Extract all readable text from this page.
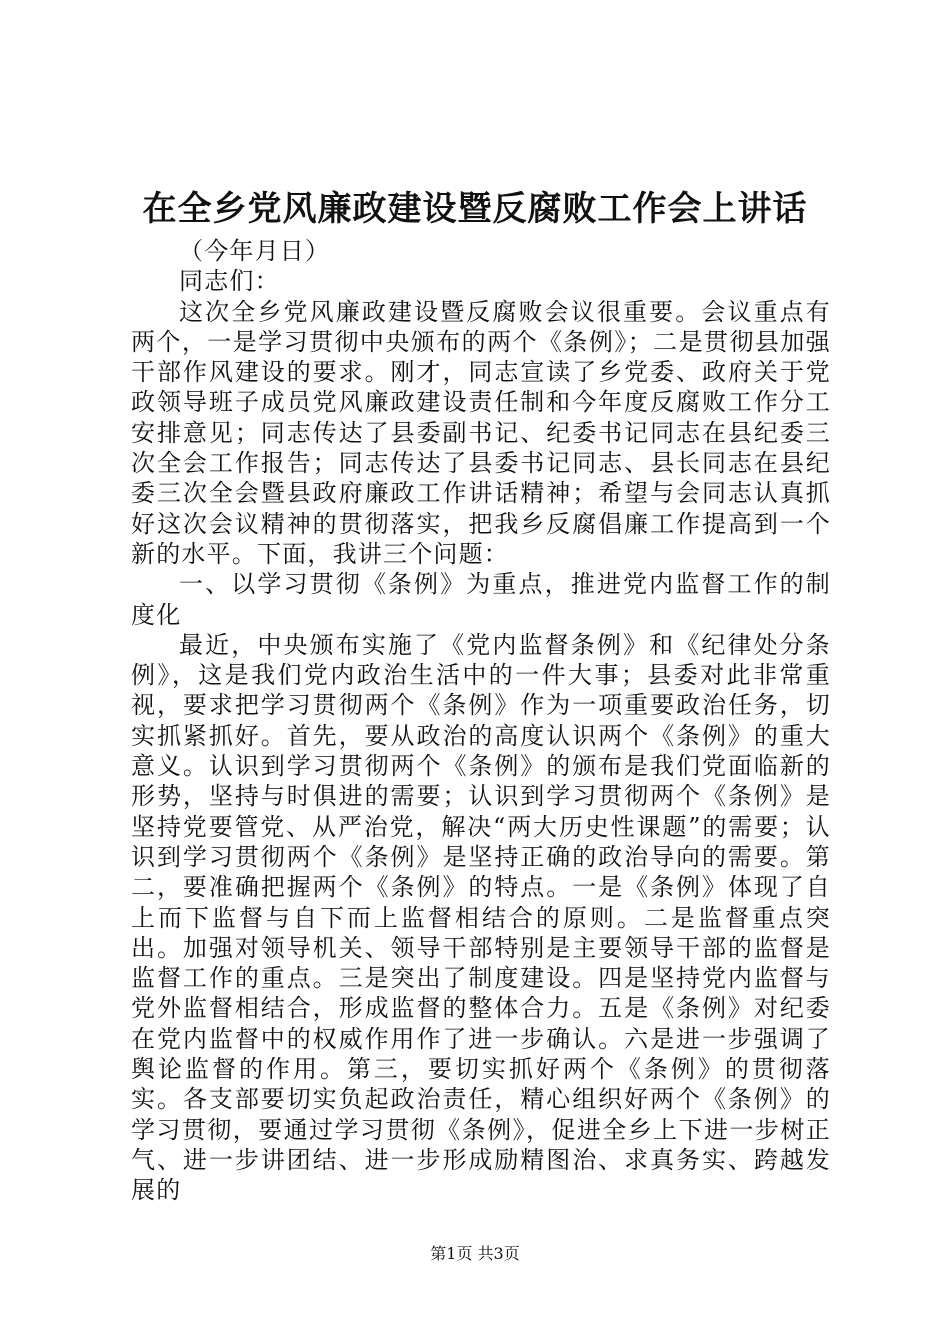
在全乡党风廉政建设暨反腐败工作会上讲话

（今年月日）

同志们：

这次全乡党风廉政建设暨反腐败会议很重要。会议重点有两个，一是学习贯彻中央颁布的两个《条例》；二是贯彻县加强干部作风建设的要求。刚才，同志宣读了乡党委、政府关于党政领导班子成员党风廉政建设责任制和今年度反腐败工作分工安排意见；同志传达了县委副书记、纪委书记同志在县纪委三次全会工作报告；同志传达了县委书记同志、县长同志在县纪委三次全会暨县政府廉政工作讲话精神；希望与会同志认真抓好这次会议精神的贯彻落实，把我乡反腐倡廉工作提高到一个新的水平。下面，我讲三个问题：

一、以学习贯彻《条例》为重点，推进党内监督工作的制度化

最近，中央颁布实施了《党内监督条例》和《纪律处分条例》，这是我们党内政治生活中的一件大事；县委对此非常重视，要求把学习贯彻两个《条例》作为一项重要政治任务，切实抓紧抓好。首先，要从政治的高度认识两个《条例》的重大意义。认识到学习贯彻两个《条例》的颁布是我们党面临新的形势，坚持与时俱进的需要；认识到学习贯彻两个《条例》是坚持党要管党、从严治党，解决“两大历史性课题”的需要；认识到学习贯彻两个《条例》是坚持正确的政治导向的需要。第二，要准确把握两个《条例》的特点。一是《条例》体现了自上而下监督与自下而上监督相结合的原则。二是监督重点突出。加强对领导机关、领导干部特别是主要领导干部的监督是监督工作的重点。三是突出了制度建设。四是坚持党内监督与党外监督相结合，形成监督的整体合力。五是《条例》对纪委在党内监督中的权威作用作了进一步确认。六是进一步强调了舆论监督的作用。第三，要切实抓好两个《条例》的贯彻落实。各支部要切实负起政治责任，精心组织好两个《条例》的学习贯彻，要通过学习贯彻《条例》，促进全乡上下进一步树正气、进一步讲团结、进一步形成励精图治、求真务实、跨越发展的

第1页 共3页
